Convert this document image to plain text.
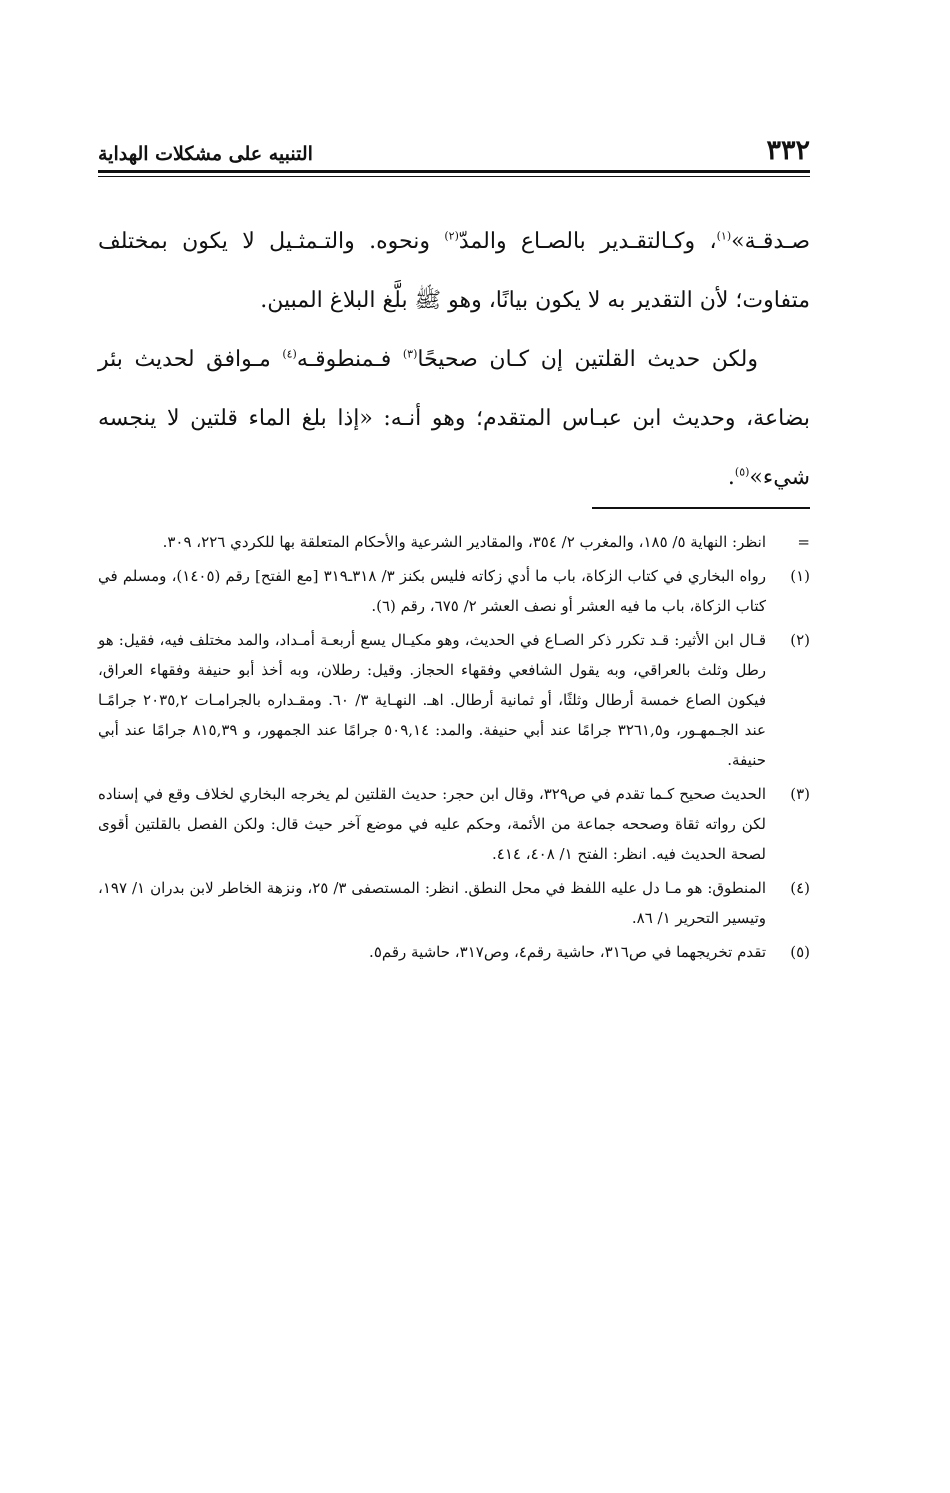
٣٣٢
التنبيه على مشكلات الهداية

صـدقـة»$^{(١)}$، وكـالتقـدير بالصـاع والمدّ$^{(٢)}$ ونحوه. والتـمثـيل لا يكون بمختلف متفاوت؛ لأن التقدير به لا يكون بيانًا، وهو ﷺ بلَّغ البلاغ المبين.

ولكن حديث القلتين إن كـان صحيحًا$^{(٣)}$ فـمنطوقـه$^{(٤)}$ مـوافق لحديث بئر بضاعة، وحديث ابن عبـاس المتقدم؛ وهو أنـه: «إذا بلغ الماء قلتين لا ينجسه شيء»$^{(٥)}$.

=
انظر: النهاية ٥/ ١٨٥، والمغرب ٢/ ٣٥٤، والمقادير الشرعية والأحكام المتعلقة بها للكردي ٢٢٦، ٣٠٩.
(١)
رواه البخاري في كتاب الزكاة، باب ما أدي زكاته فليس بكنز ٣/ ٣١٨ـ٣١٩ [مع الفتح] رقم (١٤٠٥)، ومسلم في كتاب الزكاة، باب ما فيه العشر أو نصف العشر ٢/ ٦٧٥، رقم (٦).
(٢)
قـال ابن الأثير: قـد تكرر ذكر الصـاع في الحديث، وهو مكيـال يسع أربعـة أمـداد، والمد مختلف فيه، فقيل: هو رطل وثلث بالعراقي، وبه يقول الشافعي وفقهاء الحجاز. وقيل: رطلان، وبه أخذ أبو حنيفة وفقهاء العراق، فيكون الصاع خمسة أرطال وثلثًا، أو ثمانية أرطال. اهـ. النهـاية ٣/ ٦٠. ومقـداره بالجرامـات ٢٠٣٥,٢ جرامًـا عند الجـمهـور، و٣٢٦١,٥ جرامًا عند أبي حنيفة. والمد: ٥٠٩,١٤ جرامًا عند الجمهور، و ٨١٥,٣٩ جرامًا عند أبي حنيفة.
(٣)
الحديث صحيح كـما تقدم في ص٣٢٩، وقال ابن حجر: حديث القلتين لم يخرجه البخاري لخلاف وقع في إسناده لكن رواته ثقاة وصححه جماعة من الأئمة، وحكم عليه في موضع آخر حيث قال: ولكن الفصل بالقلتين أقوى لصحة الحديث فيه. انظر: الفتح ١/ ٤٠٨، ٤١٤.
(٤)
المنطوق: هو مـا دل عليه اللفظ في محل النطق. انظر: المستصفى ٣/ ٢٥، ونزهة الخاطر لابن بدران ١/ ١٩٧، وتيسير التحرير ١/ ٨٦.
(٥)
تقدم تخريجهما في ص٣١٦، حاشية رقم٤، وص٣١٧، حاشية رقم٥.
